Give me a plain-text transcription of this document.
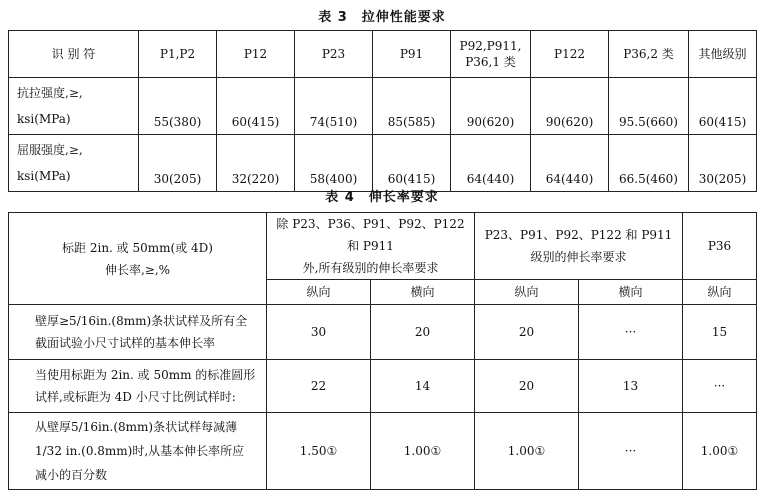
表 3　拉伸性能要求
识 别 符	P1,P2	P12	P23	P91	P92,P911,
P36,1 类	P122	P36,2 类	其他级别

抗拉强度,≥,
ksi(MPa)	55(380)	60(415)	74(510)	85(585)	90(620)	90(620)	95.5(660)	60(415)

屈服强度,≥,
ksi(MPa)	30(205)	32(220)	58(400)	60(415)	64(440)	64(440)	66.5(460)	30(205)
表 4　伸长率要求
标距 2in. 或 50mm(或 4D)
伸长率,≥,%	除 P23、P36、P91、P92、P122 和 P911
外,所有级别的伸长率要求		P23、P91、P92、P122 和 P911
级别的伸长率要求		P36
	纵向	横向	纵向	横向	纵向
壁厚≥5/16in.(8mm)条状试样及所有全截面试验小尺寸试样的基本伸长率	30	20	20	···	15
当使用标距为 2in. 或 50mm 的标准圆形试样,或标距为 4D 小尺寸比例试样时:	22	14	20	13	···
从壁厚5/16in.(8mm)条状试样每减薄1/32 in.(0.8mm)时,从基本伸长率所应减小的百分数	1.50①	1.00①	1.00①	···	1.00①
